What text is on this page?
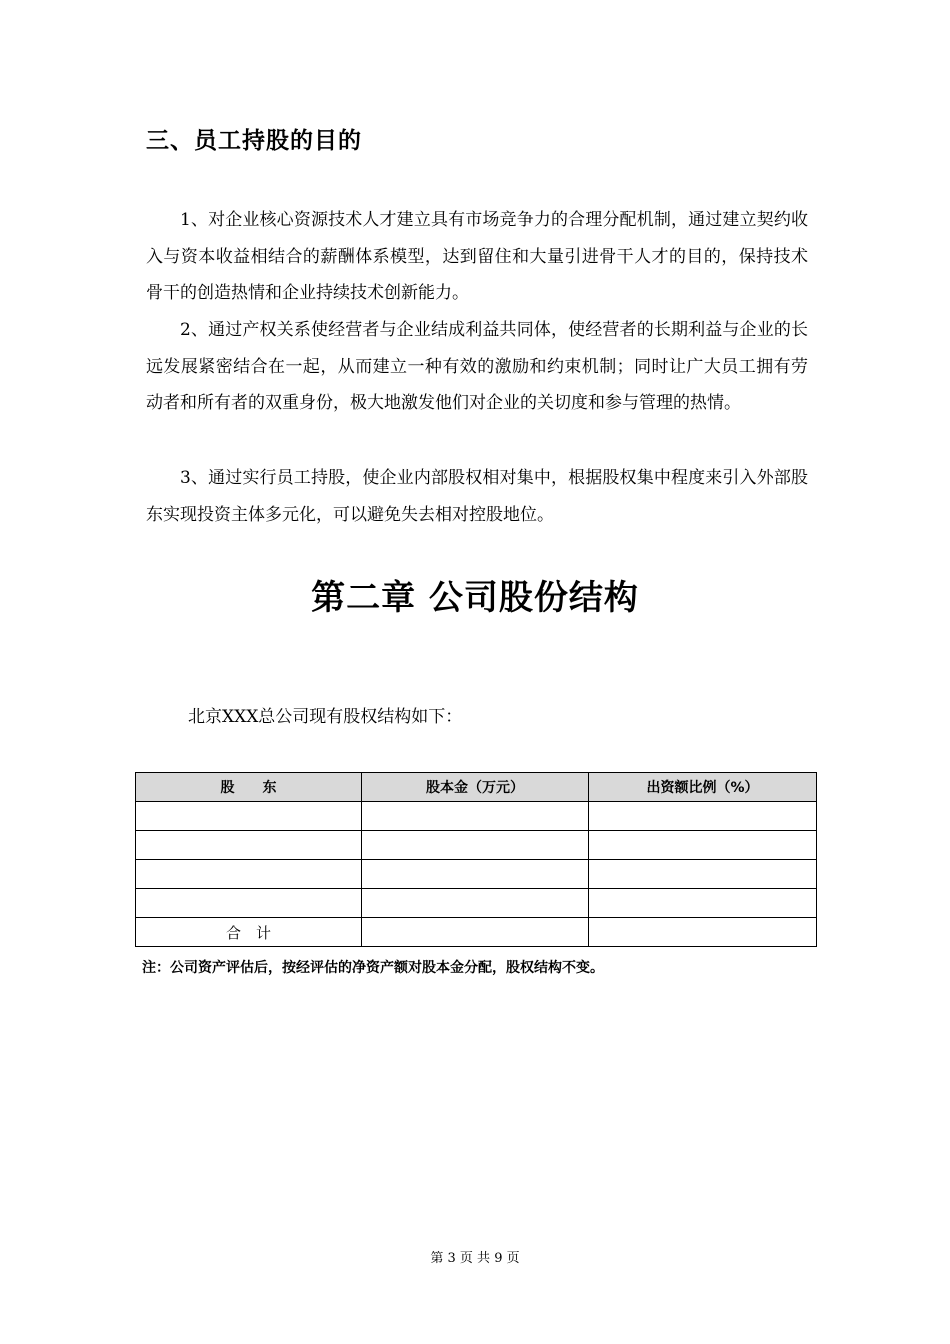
三、员工持股的目的

1、对企业核心资源技术人才建立具有市场竞争力的合理分配机制，通过建立契约收入与资本收益相结合的薪酬体系模型，达到留住和大量引进骨干人才的目的，保持技术骨干的创造热情和企业持续技术创新能力。

2、通过产权关系使经营者与企业结成利益共同体，使经营者的长期利益与企业的长远发展紧密结合在一起，从而建立一种有效的激励和约束机制；同时让广大员工拥有劳动者和所有者的双重身份，极大地激发他们对企业的关切度和参与管理的热情。

3、通过实行员工持股，使企业内部股权相对集中，根据股权集中程度来引入外部股东实现投资主体多元化，可以避免失去相对控股地位。

第二章 公司股份结构

北京XXX总公司现有股权结构如下：

股　　东	股本金（万元）	出资额比例（%）

合　计		

注：公司资产评估后，按经评估的净资产额对股本金分配，股权结构不变。

第 3 页 共 9 页
